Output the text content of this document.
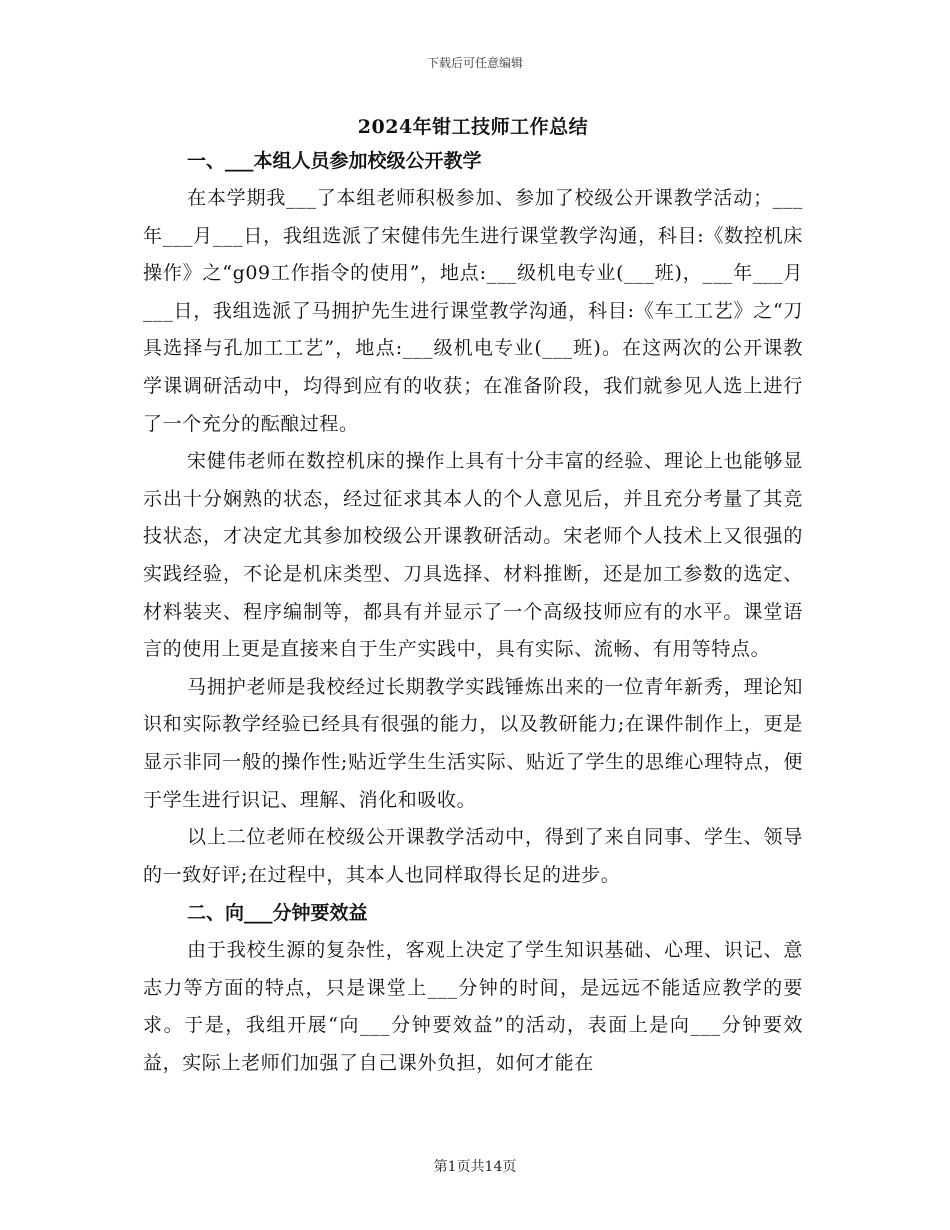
下载后可任意编辑
2024年钳工技师工作总结
一、___本组人员参加校级公开教学

在本学期我___了本组老师积极参加、参加了校级公开课教学活动；___年___月___日，我组选派了宋健伟先生进行课堂教学沟通，科目:《数控机床操作》之“g09工作指令的使用”，地点:___级机电专业(___班)，___年___月___日，我组选派了马拥护先生进行课堂教学沟通，科目:《车工工艺》之“刀具选择与孔加工工艺”，地点:___级机电专业(___班)。在这两次的公开课教学课调研活动中，均得到应有的收获；在准备阶段，我们就参见人选上进行了一个充分的酝酿过程。

宋健伟老师在数控机床的操作上具有十分丰富的经验、理论上也能够显示出十分娴熟的状态，经过征求其本人的个人意见后，并且充分考量了其竞技状态，才决定尤其参加校级公开课教研活动。宋老师个人技术上又很强的实践经验，不论是机床类型、刀具选择、材料推断，还是加工参数的选定、材料装夹、程序编制等，都具有并显示了一个高级技师应有的水平。课堂语言的使用上更是直接来自于生产实践中，具有实际、流畅、有用等特点。

马拥护老师是我校经过长期教学实践锤炼出来的一位青年新秀，理论知识和实际教学经验已经具有很强的能力，以及教研能力;在课件制作上，更是显示非同一般的操作性;贴近学生生活实际、贴近了学生的思维心理特点，便于学生进行识记、理解、消化和吸收。

以上二位老师在校级公开课教学活动中，得到了来自同事、学生、领导的一致好评;在过程中，其本人也同样取得长足的进步。

二、向___分钟要效益

由于我校生源的复杂性，客观上决定了学生知识基础、心理、识记、意志力等方面的特点，只是课堂上___分钟的时间，是远远不能适应教学的要求。于是，我组开展“向___分钟要效益”的活动，表面上是向___分钟要效益，实际上老师们加强了自己课外负担，如何才能在

第1页共14页
